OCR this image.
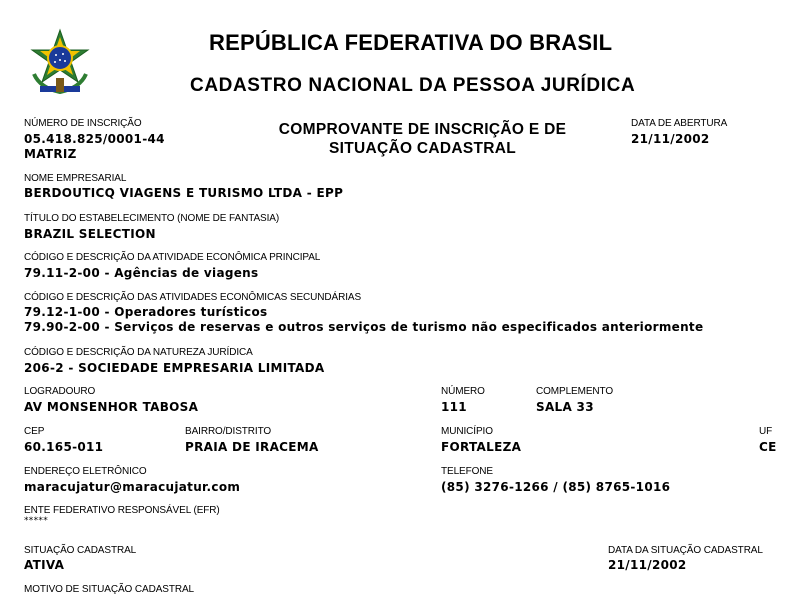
REPÚBLICA FEDERATIVA DO BRASIL
CADASTRO NACIONAL DA PESSOA JURÍDICA
COMPROVANTE DE INSCRIÇÃO E DE
SITUAÇÃO CADASTRAL
NÚMERO DE INSCRIÇÃO
05.418.825/0001-44
MATRIZ
DATA DE ABERTURA
21/11/2002
NOME EMPRESARIAL
BERDOUTICQ VIAGENS E TURISMO LTDA - EPP
TÍTULO DO ESTABELECIMENTO (NOME DE FANTASIA)
BRAZIL SELECTION
CÓDIGO E DESCRIÇÃO DA ATIVIDADE ECONÔMICA PRINCIPAL
79.11-2-00 - Agências de viagens
CÓDIGO E DESCRIÇÃO DAS ATIVIDADES ECONÔMICAS SECUNDÁRIAS
79.12-1-00 - Operadores turísticos
79.90-2-00 - Serviços de reservas e outros serviços de turismo não especificados anteriormente
CÓDIGO E DESCRIÇÃO DA NATUREZA JURÍDICA
206-2 - SOCIEDADE EMPRESARIA LIMITADA
LOGRADOURO
AV MONSENHOR TABOSA
NÚMERO
111
COMPLEMENTO
SALA 33
CEP
60.165-011
BAIRRO/DISTRITO
PRAIA DE IRACEMA
MUNICÍPIO
FORTALEZA
UF
CE
ENDEREÇO ELETRÔNICO
maracujatur@maracujatur.com
TELEFONE
(85) 3276-1266 / (85) 8765-1016
ENTE FEDERATIVO RESPONSÁVEL (EFR)
*****
SITUAÇÃO CADASTRAL
ATIVA
DATA DA SITUAÇÃO CADASTRAL
21/11/2002
MOTIVO DE SITUAÇÃO CADASTRAL
